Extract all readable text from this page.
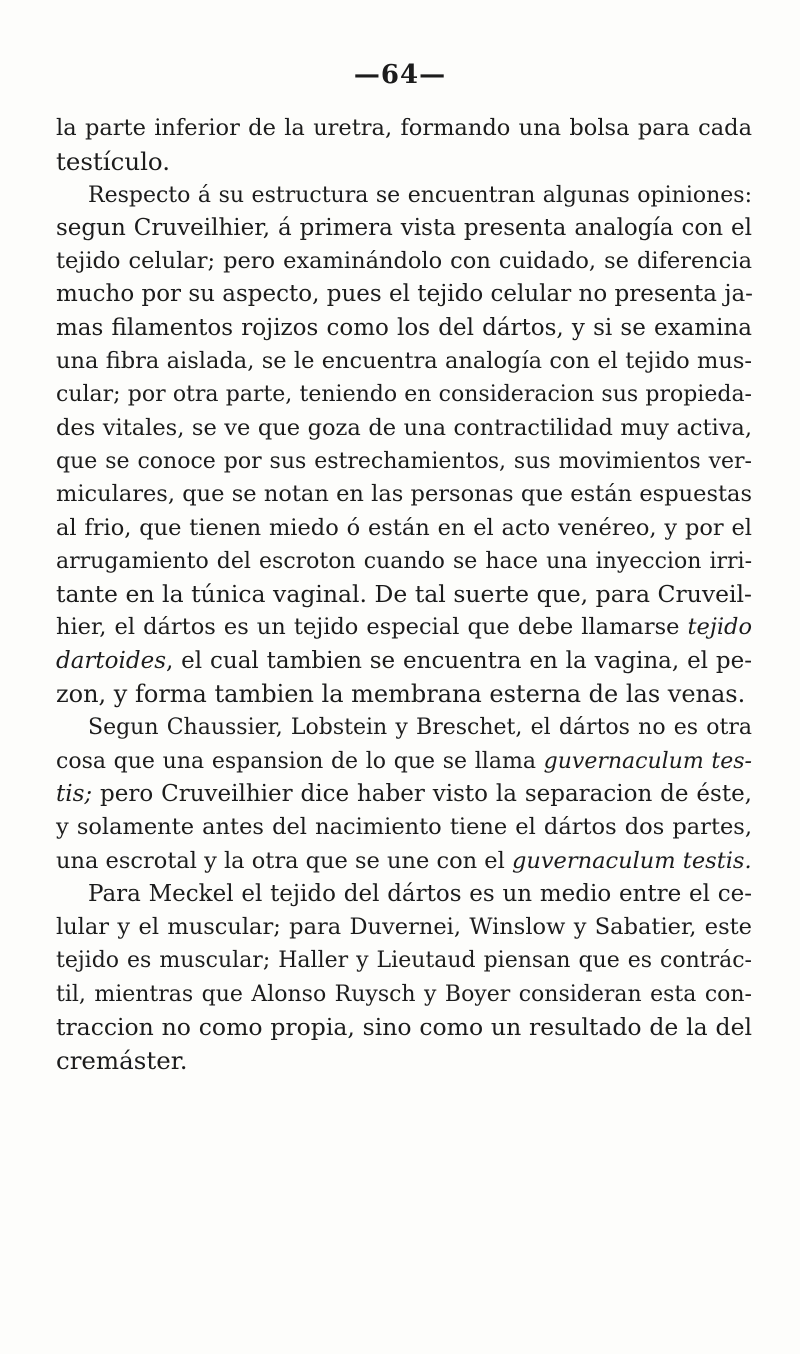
—64—
la parte inferior de la uretra, formando una bolsa para cada
testículo.
Respecto á su estructura se encuentran algunas opiniones:
segun Cruveilhier, á primera vista presenta analogía con el
tejido celular; pero examinándolo con cuidado, se diferencia
mucho por su aspecto, pues el tejido celular no presenta ja-
mas filamentos rojizos como los del dártos, y si se examina
una fibra aislada, se le encuentra analogía con el tejido mus-
cular; por otra parte, teniendo en consideracion sus propieda-
des vitales, se ve que goza de una contractilidad muy activa,
que se conoce por sus estrechamientos, sus movimientos ver-
miculares, que se notan en las personas que están espuestas
al frio, que tienen miedo ó están en el acto venéreo, y por el
arrugamiento del escroton cuando se hace una inyeccion irri-
tante en la túnica vaginal. De tal suerte que, para Cruveil-
hier, el dártos es un tejido especial que debe llamarse tejido
dartoides, el cual tambien se encuentra en la vagina, el pe-
zon, y forma tambien la membrana esterna de las venas.
Segun Chaussier, Lobstein y Breschet, el dártos no es otra
cosa que una espansion de lo que se llama guvernaculum tes-
tis; pero Cruveilhier dice haber visto la separacion de éste,
y solamente antes del nacimiento tiene el dártos dos partes,
una escrotal y la otra que se une con el guvernaculum testis.
Para Meckel el tejido del dártos es un medio entre el ce-
lular y el muscular; para Duvernei, Winslow y Sabatier, este
tejido es muscular; Haller y Lieutaud piensan que es contrác-
til, mientras que Alonso Ruysch y Boyer consideran esta con-
traccion no como propia, sino como un resultado de la del
cremáster.
